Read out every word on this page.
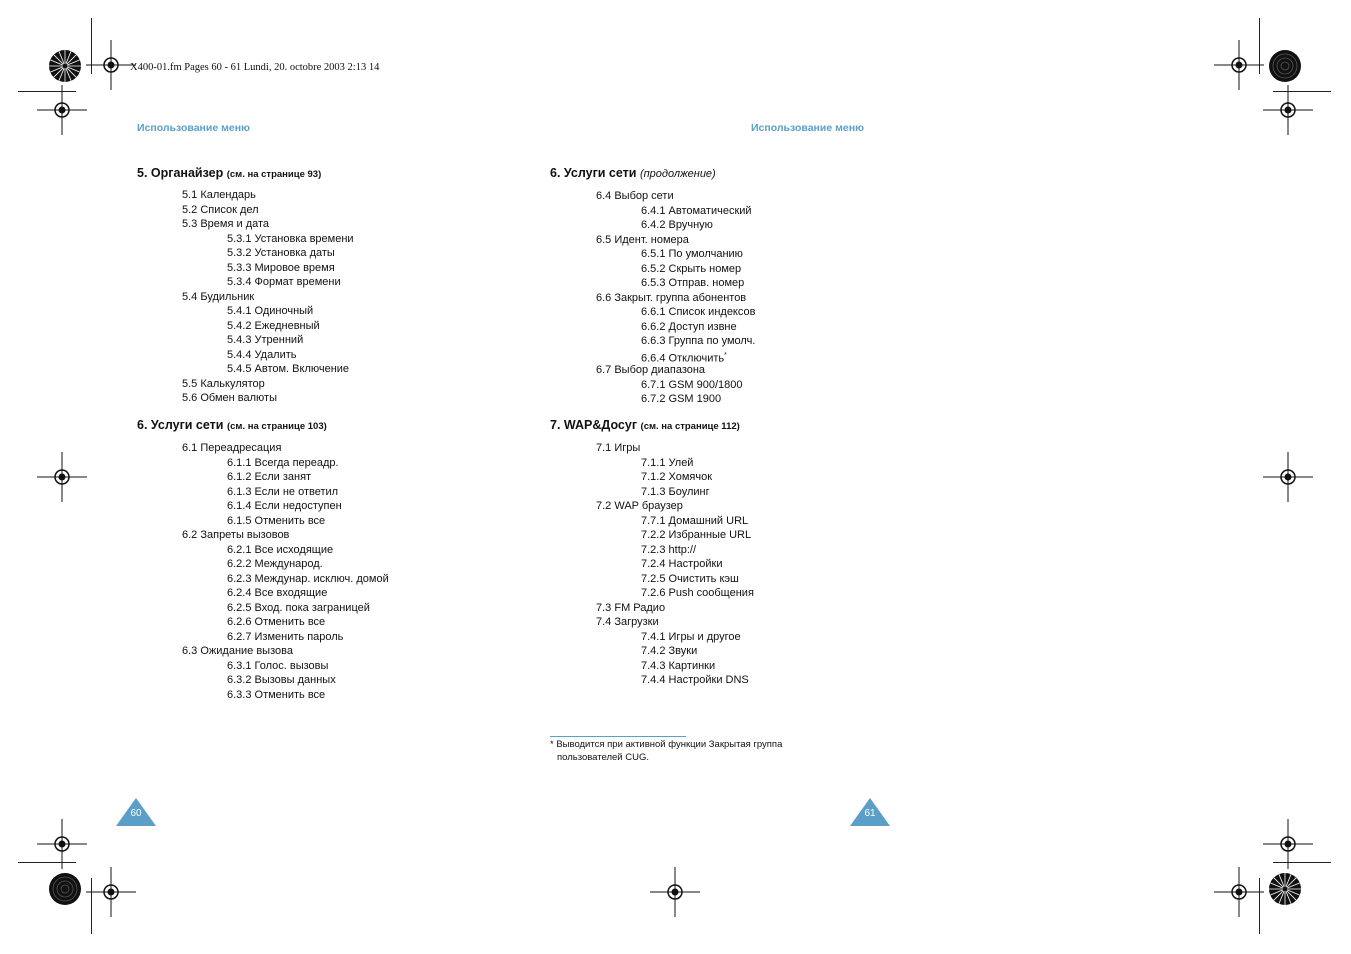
X400-01.fm Pages 60 - 61 Lundi, 20. octobre 2003 2:13 14
Использование меню	Использование меню
5. Органайзер (см. на странице 93)
5.1 Календарь
5.2 Список дел
5.3 Время и дата
5.3.1 Установка времени
5.3.2 Установка даты
5.3.3 Мировое время
5.3.4 Формат времени
5.4 Будильник
5.4.1 Одиночный
5.4.2 Ежедневный
5.4.3 Утренний
5.4.4 Удалить
5.4.5 Автом. Включение
5.5 Калькулятор
5.6 Обмен валюты
6. Услуги сети (см. на странице 103)
6.1 Переадресация
6.1.1 Всегда переадр.
6.1.2 Если занят
6.1.3 Если не ответил
6.1.4 Если недоступен
6.1.5 Отменить все
6.2 Запреты вызовов
6.2.1 Все исходящие
6.2.2 Международ.
6.2.3 Междунар. исключ. домой
6.2.4 Все входящие
6.2.5 Вход. пока заграницей
6.2.6 Отменить все
6.2.7 Изменить пароль
6.3 Ожидание вызова
6.3.1 Голос. вызовы
6.3.2 Вызовы данных
6.3.3 Отменить все
6. Услуги сети (продолжение)
6.4 Выбор сети
6.4.1 Автоматический
6.4.2 Вручную
6.5 Идент. номера
6.5.1 По умолчанию
6.5.2 Скрыть номер
6.5.3 Отправ. номер
6.6 Закрыт. группа абонентов
6.6.1 Список индексов
6.6.2 Доступ извне
6.6.3 Группа по умолч.
6.6.4 Отключить*
6.7 Выбор диапазона
6.7.1 GSM 900/1800
6.7.2 GSM 1900
7. WAP&Досуг (см. на странице 112)
7.1 Игры
7.1.1 Улей
7.1.2 Хомячок
7.1.3 Боулинг
7.2 WAP браузер
7.7.1 Домашний URL
7.2.2 Избранные URL
7.2.3 http://
7.2.4 Настройки
7.2.5 Очистить кэш
7.2.6 Push cooбщения
7.3 FM Радио
7.4 Загрузки
7.4.1 Игры и другое
7.4.2 Звуки
7.4.3 Картинки
7.4.4 Настройки DNS
* Выводится при активной функции Закрытая группа
пользователей CUG.
60	61
